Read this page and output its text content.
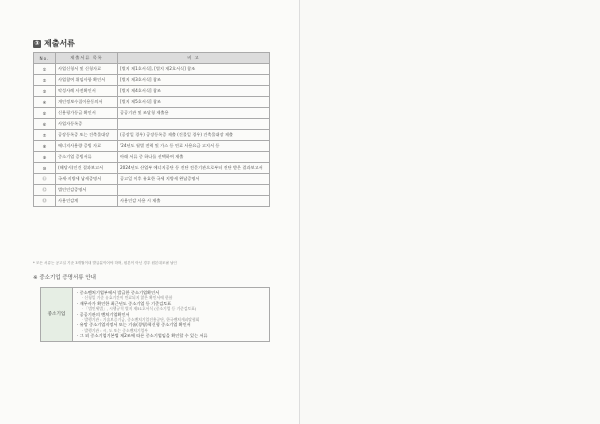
③ 제출서류
No.	제출서류 목록	비 고
①	사업신청서 및 신청자료	[별지 제1호서식], [별지 제2호서식] 참조
②	사업참여 위임사항 확인서	[별지 제3호서식] 참조
③	악성사례 사전확인서	[별지 제4호서식] 참조
④	개인정보수집이용동의서	[별지 제5호서식] 참조
⑤	신용평가등급 확인서	공공기관 및 조달청 제출용
⑥	사업자등록증	
⑦	공장등록증 또는 건축물대장	(공장일 경우) 공장등록증 제출 (건물일 경우) 건축물대장 제출
⑧	에너지사용량 증빙 자료	'24년도 월별 전력 및 가스 등 연료 사용요금 고지서 등
⑨	중소기업 증빙서류	아래 서류 중 하나를 선택하여 제출
⑩	(해당시)인건 결과보고서	2024년도 산업부 에너지공단 등 진단 전문기관으로부터 진단 받은 결과보고서
⑪	국세·지방세 납세증명서	공고일 이후 유효한 국세 지방세 완납증명서
⑫	법인인감증명서	
⑬	사용인감계	사용인감 사용 시 제출
* 모든 서류는 공고일 기준 3개월이내 발급분이어야 하며, 원본이 아닌 경우 원본대조필 날인
※ 중소기업 증명서류 안내
중소기업
· 중소벤처기업부에서 발급한 중소기업확인서
· 신청일 기준 유효기간이 만료되지 않은 확인서에 한함
· 재무사가 확인한 최근년도 중소기업 등 기준검토표
· 「법인세법」, 시행규칙 별지 제51호서식 (중소기업 등 기준검토표)
· 공공기관의 벤처기업확인서
· 발행기관 : 기술보증기금, 중소벤처기업진흥공단, 한국벤처캐피탈협회
· 유망 중소기업지정서 또는 기술(경영)혁신형 중소기업 확인서
· 발행기관 : 시, 도 또는 중소벤처기업부
· 그 외 중소기업기본법 제2조에 따른 중소기업임을 확인할 수 있는 서류
